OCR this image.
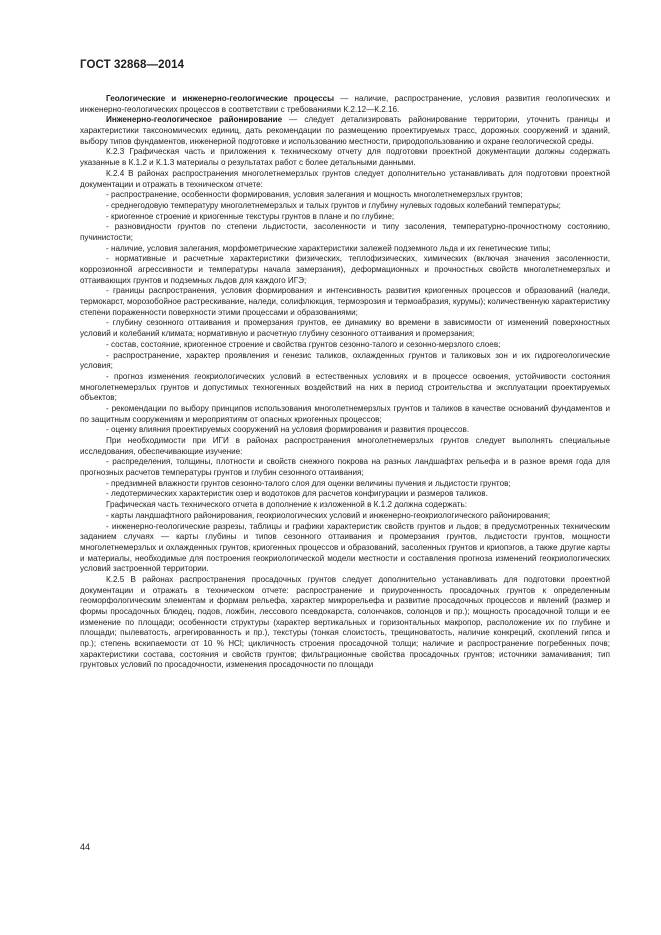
ГОСТ 32868—2014

Геологические и инженерно-геологические процессы — наличие, распространение, условия развития геологических и инженерно-геологических процессов в соответствии с требованиями К.2.12—К.2.16.

Инженерно-геологическое районирование — следует детализировать районирование территории, уточнить границы и характеристики таксономических единиц, дать рекомендации по размещению проектируемых трасс, дорожных сооружений и зданий, выбору типов фундаментов, инженерной подготовке и использованию местности, природопользованию и охране геологической среды.

К.2.3 Графическая часть и приложения к техническому отчету для подготовки проектной документации должны содержать указанные в К.1.2 и К.1.3 материалы о результатах работ с более детальными данными.

К.2.4 В районах распространения многолетнемерзлых грунтов следует дополнительно устанавливать для подготовки проектной документации и отражать в техническом отчете:

- распространение, особенности формирования, условия залегания и мощность многолетнемерзлых грунтов;

- среднегодовую температуру многолетнемерзлых и талых грунтов и глубину нулевых годовых колебаний температуры;

- криогенное строение и криогенные текстуры грунтов в плане и по глубине;

- разновидности грунтов по степени льдистости, засоленности и типу засоления, температурно-прочностному состоянию, пучинистости;

- наличие, условия залегания, морфометрические характеристики залежей подземного льда и их генетические типы;

- нормативные и расчетные характеристики физических, теплофизических, химических (включая значения засоленности, коррозионной агрессивности и температуры начала замерзания), деформационных и прочностных свойств многолетнемерзлых и оттаивающих грунтов и подземных льдов для каждого ИГЭ;

- границы распространения, условия формирования и интенсивность развития криогенных процессов и образований (наледи, термокарст, морозобойное растрескивание, наледи, солифлюкция, термоэрозия и термоабразия, курумы); количественную характеристику степени пораженности поверхности этими процессами и образованиями;

- глубину сезонного оттаивания и промерзания грунтов, ее динамику во времени в зависимости от изменений поверхностных условий и колебаний климата; нормативную и расчетную глубину сезонного оттаивания и промерзания;

- состав, состояние, криогенное строение и свойства грунтов сезонно-талого и сезонно-мерзлого слоев;

- распространение, характер проявления и генезис таликов, охлажденных грунтов и таликовых зон и их гидрогеологические условия;

- прогноз изменения геокриологических условий в естественных условиях и в процессе освоения, устойчивости состояния многолетнемерзлых грунтов и допустимых техногенных воздействий на них в период строительства и эксплуатации проектируемых объектов;

- рекомендации по выбору принципов использования многолетнемерзлых грунтов и таликов в качестве оснований фундаментов и по защитным сооружениям и мероприятиям от опасных криогенных процессов;

- оценку влияния проектируемых сооружений на условия формирования и развития процессов.

При необходимости при ИГИ в районах распространения многолетнемерзлых грунтов следует выполнять специальные исследования, обеспечивающие изучение:

- распределения, толщины, плотности и свойств снежного покрова на разных ландшафтах рельефа и в разное время года для прогнозных расчетов температуры грунтов и глубин сезонного оттаивания;

- предзимней влажности грунтов сезонно-талого слоя для оценки величины пучения и льдистости грунтов;

- ледотермических характеристик озер и водотоков для расчетов конфигурации и размеров таликов.

Графическая часть технического отчета в дополнение к изложенной в К.1.2 должна содержать:

- карты ландшафтного районирования, геокриологических условий и инженерно-геокриологического районирования;

- инженерно-геологические разрезы, таблицы и графики характеристик свойств грунтов и льдов; в предусмотренных техническим заданием случаях — карты глубины и типов сезонного оттаивания и промерзания грунтов, льдистости грунтов, мощности многолетнемерзлых и охлажденных грунтов, криогенных процессов и образований, засоленных грунтов и криопэгов, а также другие карты и материалы, необходимые для построения геокриологической модели местности и составления прогноза изменений геокриологических условий застроенной территории.

К.2.5 В районах распространения просадочных грунтов следует дополнительно устанавливать для подготовки проектной документации и отражать в техническом отчете: распространение и приуроченность просадочных грунтов к определенным геоморфологическим элементам и формам рельефа, характер микрорельефа и развитие просадочных процессов и явлений (размер и формы просадочных блюдец, подов, ложбин, лессового псевдокарста, солончаков, солонцов и пр.); мощность просадочной толщи и ее изменение по площади; особенности структуры (характер вертикальных и горизонтальных макропор, расположение их по глубине и площади; пылеватость, агрегированность и пр.), текстуры (тонкая слоистость, трещиноватость, наличие конкреций, скоплений гипса и пр.); степень вскипаемости от 10 % HCl; цикличность строения просадочной толщи; наличие и распространение погребенных почв; характеристики состава, состояния и свойств грунтов; фильтрационные свойства просадочных грунтов; источники замачивания; тип грунтовых условий по просадочности, изменения просадочности по площади

44
